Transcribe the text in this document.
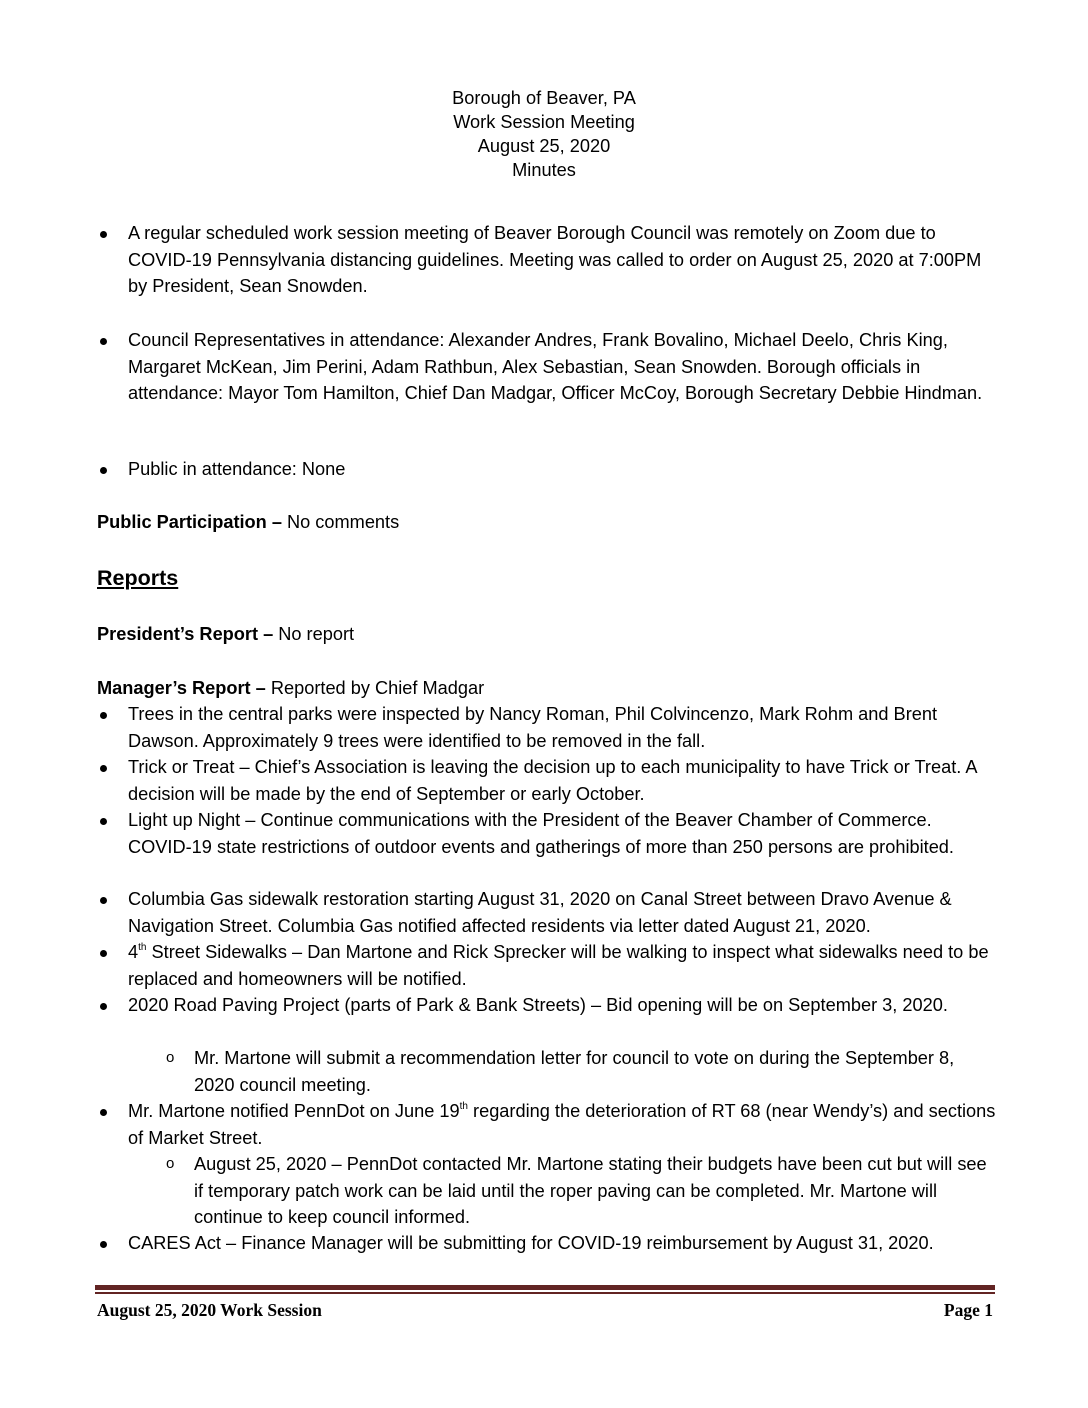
Borough of Beaver, PA
Work Session Meeting
August 25, 2020
Minutes
A regular scheduled work session meeting of Beaver Borough Council was remotely on Zoom due to COVID-19 Pennsylvania distancing guidelines. Meeting was called to order on August 25, 2020 at 7:00PM by President, Sean Snowden.
Council Representatives in attendance: Alexander Andres, Frank Bovalino, Michael Deelo, Chris King, Margaret McKean, Jim Perini, Adam Rathbun, Alex Sebastian, Sean Snowden. Borough officials in attendance: Mayor Tom Hamilton, Chief Dan Madgar, Officer McCoy, Borough Secretary Debbie Hindman.
Public in attendance: None
Public Participation – No comments
Reports
President’s Report – No report
Manager’s Report – Reported by Chief Madgar
Trees in the central parks were inspected by Nancy Roman, Phil Colvincenzo, Mark Rohm and Brent Dawson. Approximately 9 trees were identified to be removed in the fall.
Trick or Treat – Chief’s Association is leaving the decision up to each municipality to have Trick or Treat. A decision will be made by the end of September or early October.
Light up Night – Continue communications with the President of the Beaver Chamber of Commerce. COVID-19 state restrictions of outdoor events and gatherings of more than 250 persons are prohibited.
Columbia Gas sidewalk restoration starting August 31, 2020 on Canal Street between Dravo Avenue & Navigation Street. Columbia Gas notified affected residents via letter dated August 21, 2020.
4th Street Sidewalks – Dan Martone and Rick Sprecker will be walking to inspect what sidewalks need to be replaced and homeowners will be notified.
2020 Road Paving Project (parts of Park & Bank Streets) – Bid opening will be on September 3, 2020.
o Mr. Martone will submit a recommendation letter for council to vote on during the September 8, 2020 council meeting.
Mr. Martone notified PennDot on June 19th regarding the deterioration of RT 68 (near Wendy’s) and sections of Market Street.
o August 25, 2020 – PennDot contacted Mr. Martone stating their budgets have been cut but will see if temporary patch work can be laid until the roper paving can be completed. Mr. Martone will continue to keep council informed.
CARES Act – Finance Manager will be submitting for COVID-19 reimbursement by August 31, 2020.
August 25, 2020 Work Session	Page 1
